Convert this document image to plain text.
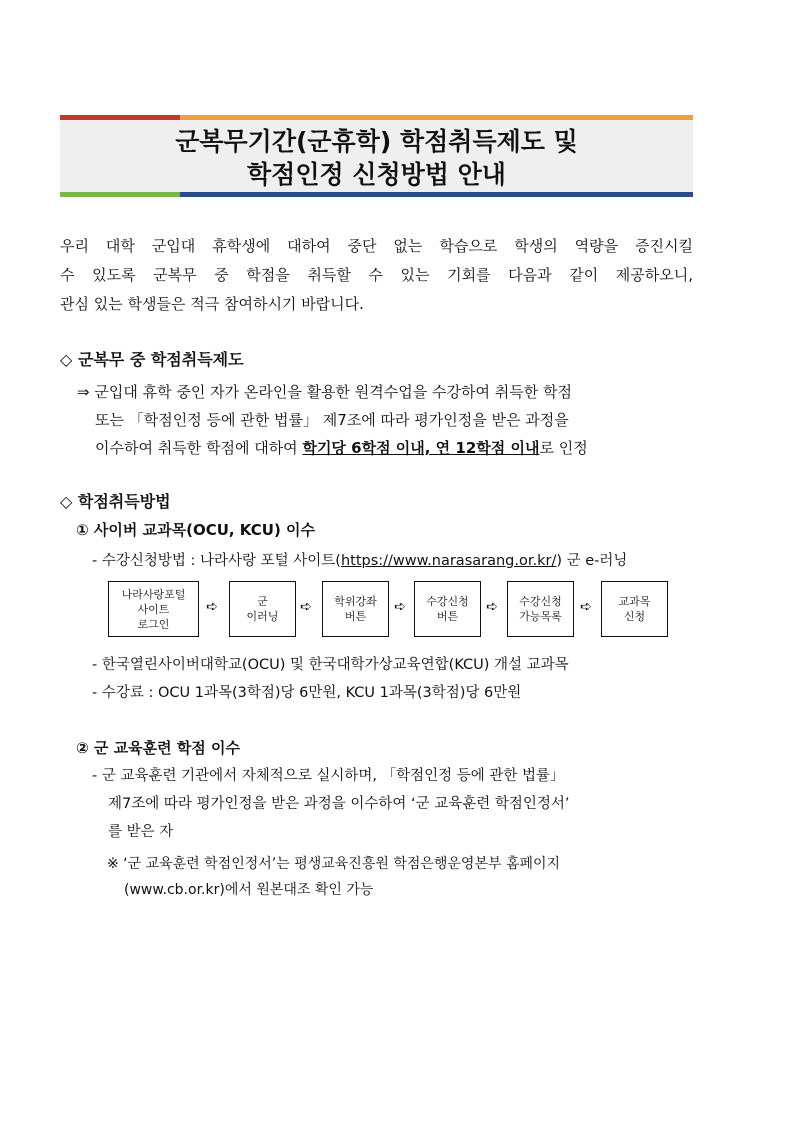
군복무기간(군휴학) 학점취득제도 및
학점인정 신청방법 안내
우리 대학 군입대 휴학생에 대하여 중단 없는 학습으로 학생의 역량을 증진시킬
수 있도록 군복무 중 학점을 취득할 수 있는 기회를 다음과 같이 제공하오니,
관심 있는 학생들은 적극 참여하시기 바랍니다.
◇ 군복무 중 학점취득제도
⇒ 군입대 휴학 중인 자가 온라인을 활용한 원격수업을 수강하여 취득한 학점
또는 「학점인정 등에 관한 법률」 제7조에 따라 평가인정을 받은 과정을
이수하여 취득한 학점에 대하여 학기당 6학점 이내, 연 12학점 이내로 인정
◇ 학점취득방법
① 사이버 교과목(OCU, KCU) 이수
- 수강신청방법 : 나라사랑 포털 사이트(https://www.narasarang.or.kr/) 군 e-러닝
나라사랑포털
사이트
로그인
➪	군
이러닝
➪ 학위강좌
버튼
➪ 수강신청
버튼
➪ 수강신청
가능목록
➪ 교과목
신청
- 한국열린사이버대학교(OCU) 및 한국대학가상교육연합(KCU) 개설 교과목
- 수강료 : OCU 1과목(3학점)당 6만원, KCU 1과목(3학점)당 6만원
② 군 교육훈련 학점 이수
- 군 교육훈련 기관에서 자체적으로 실시하며, 「학점인정 등에 관한 법률」
제7조에 따라 평가인정을 받은 과정을 이수하여 ‘군 교육훈련 학점인정서’
를 받은 자
※ ‘군 교육훈련 학점인정서’는 평생교육진흥원 학점은행운영본부 홈페이지
(www.cb.or.kr)에서 원본대조 확인 가능
